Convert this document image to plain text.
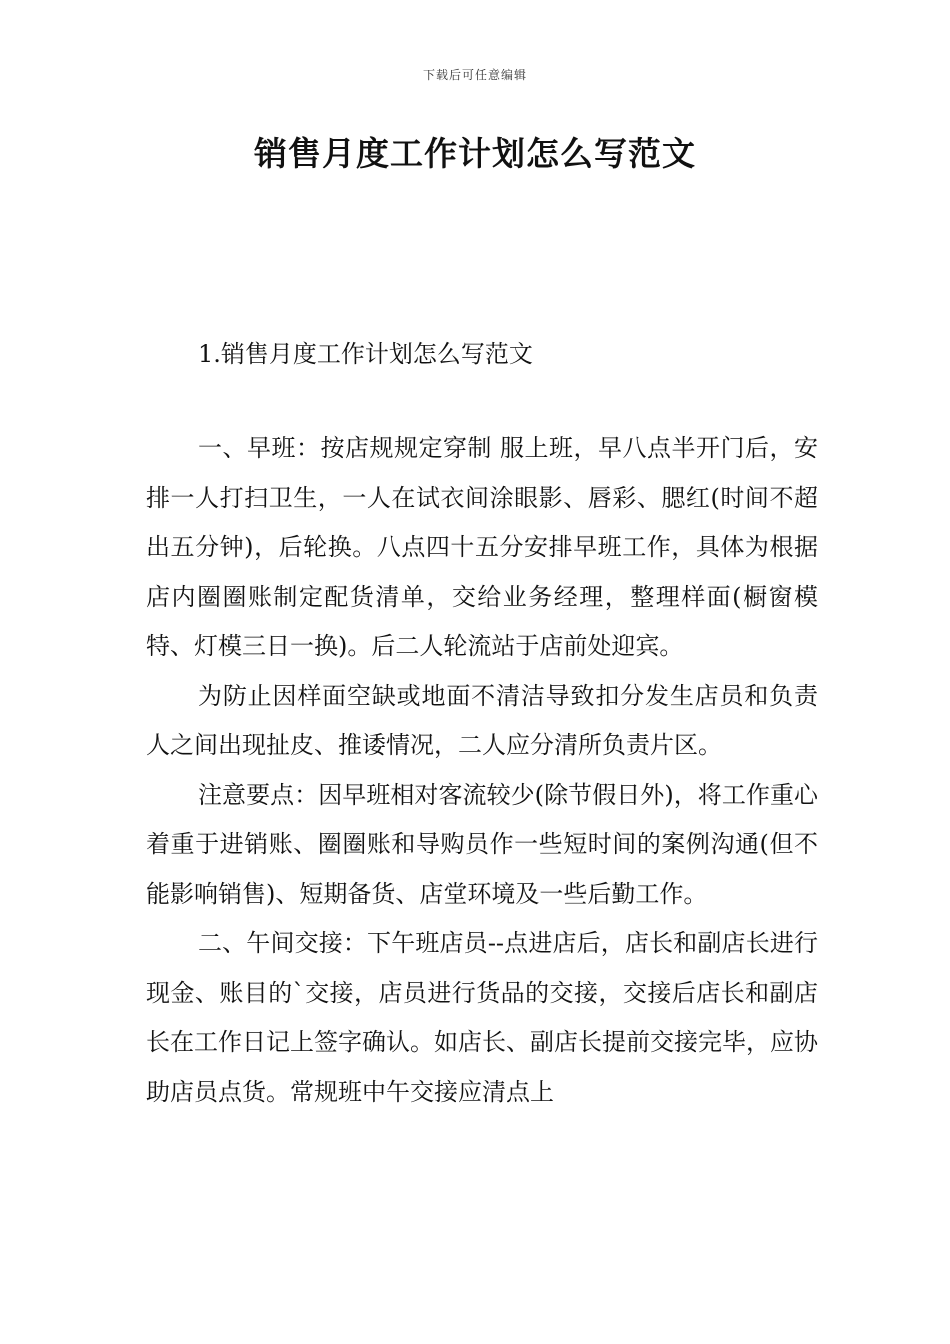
下载后可任意编辑
销售月度工作计划怎么写范文
1.销售月度工作计划怎么写范文

一、早班：按店规规定穿制 服上班，早八点半开门后，安排一人打扫卫生，一人在试衣间涂眼影、唇彩、腮红(时间不超出五分钟)，后轮换。八点四十五分安排早班工作，具体为根据店内圈圈账制定配货清单，交给业务经理，整理样面(橱窗模特、灯模三日一换)。后二人轮流站于店前处迎宾。

为防止因样面空缺或地面不清洁导致扣分发生店员和负责人之间出现扯皮、推诿情况，二人应分清所负责片区。

注意要点：因早班相对客流较少(除节假日外)，将工作重心着重于进销账、圈圈账和导购员作一些短时间的案例沟通(但不能影响销售)、短期备货、店堂环境及一些后勤工作。

二、午间交接：下午班店员--点进店后，店长和副店长进行现金、账目的`交接，店员进行货品的交接，交接后店长和副店长在工作日记上签字确认。如店长、副店长提前交接完毕，应协助店员点货。常规班中午交接应清点上
